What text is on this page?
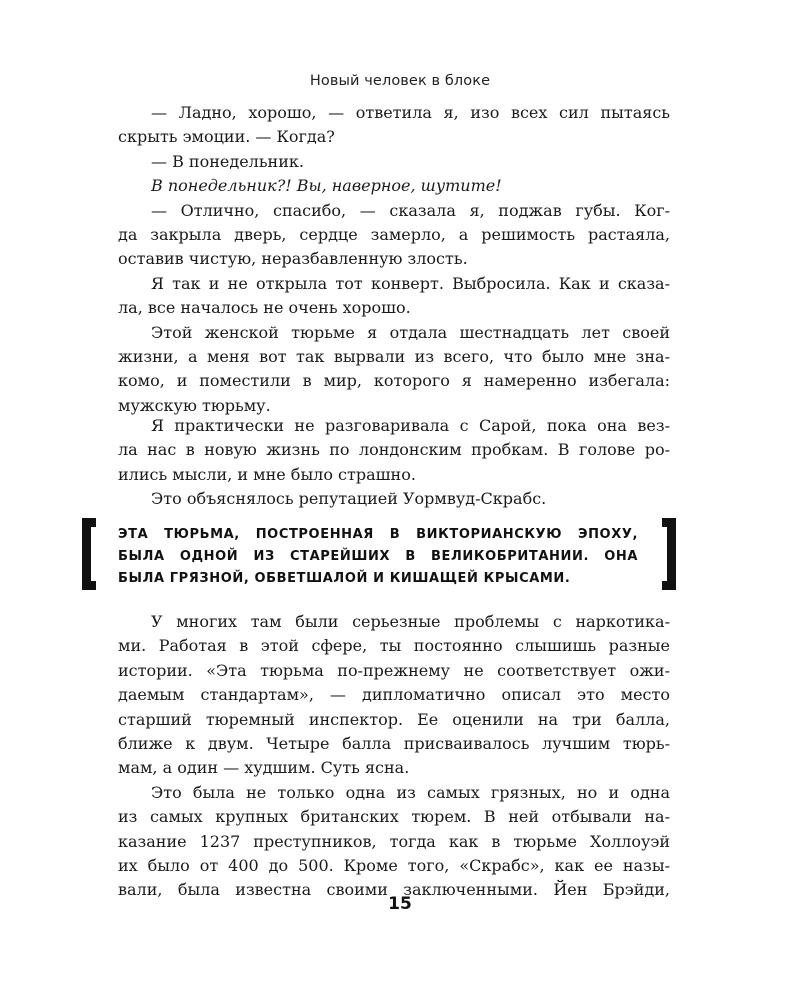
Новый человек в блоке
— Ладно, хорошо, — ответила я, изо всех сил пытаясь
скрыть эмоции. — Когда?
— В понедельник.
В понедельник?! Вы, наверное, шутите!
— Отлично, спасибо, — сказала я, поджав губы. Ког-
да закрыла дверь, сердце замерло, а решимость растаяла,
оставив чистую, неразбавленную злость.
Я так и не открыла тот конверт. Выбросила. Как и сказа-
ла, все началось не очень хорошо.
Этой женской тюрьме я отдала шестнадцать лет своей
жизни, а меня вот так вырвали из всего, что было мне зна-
комо, и поместили в мир, которого я намеренно избегала:
мужскую тюрьму.
Я практически не разговаривала с Сарой, пока она вез-
ла нас в новую жизнь по лондонским пробкам. В голове ро-
ились мысли, и мне было страшно.
Это объяснялось репутацией Уормвуд-Скрабс.
ЭТА ТЮРЬМА, ПОСТРОЕННАЯ В ВИКТОРИАНСКУЮ ЭПОХУ,
БЫЛА ОДНОЙ ИЗ СТАРЕЙШИХ В ВЕЛИКОБРИТАНИИ. ОНА
БЫЛА ГРЯЗНОЙ, ОБВЕТШАЛОЙ И КИШАЩЕЙ КРЫСАМИ.
У многих там были серьезные проблемы с наркотика-
ми. Работая в этой сфере, ты постоянно слышишь разные
истории. «Эта тюрьма по-прежнему не соответствует ожи-
даемым стандартам», — дипломатично описал это место
старший тюремный инспектор. Ее оценили на три балла,
ближе к двум. Четыре балла присваивалось лучшим тюрь-
мам, а один — худшим. Суть ясна.
Это была не только одна из самых грязных, но и одна
из самых крупных британских тюрем. В ней отбывали на-
казание 1237 преступников, тогда как в тюрьме Холлоуэй
их было от 400 до 500. Кроме того, «Скрабс», как ее назы-
вали, была известна своими заключенными. Йен Брэйди,
15
